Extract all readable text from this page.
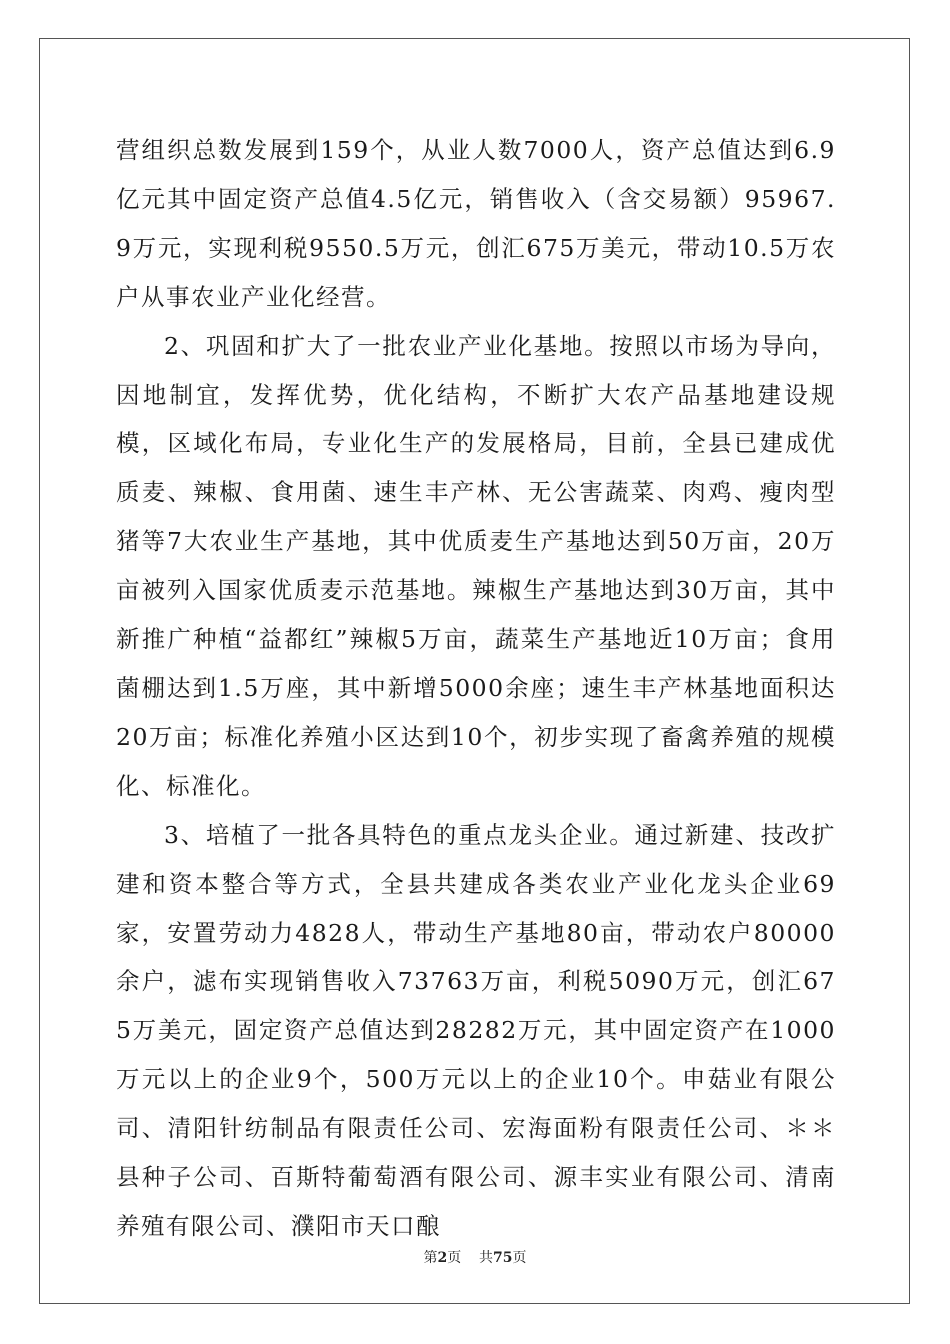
营组织总数发展到159个，从业人数7000人，资产总值达到6.9亿元其中固定资产总值4.5亿元，销售收入（含交易额）95967.9万元，实现利税9550.5万元，创汇675万美元，带动10.5万农户从事农业产业化经营。

2、巩固和扩大了一批农业产业化基地。按照以市场为导向，因地制宜，发挥优势，优化结构，不断扩大农产品基地建设规模，区域化布局，专业化生产的发展格局，目前，全县已建成优质麦、辣椒、食用菌、速生丰产林、无公害蔬菜、肉鸡、瘦肉型猪等7大农业生产基地，其中优质麦生产基地达到50万亩，20万亩被列入国家优质麦示范基地。辣椒生产基地达到30万亩，其中新推广种植“益都红”辣椒5万亩，蔬菜生产基地近10万亩；食用菌棚达到1.5万座，其中新增5000余座；速生丰产林基地面积达20万亩；标准化养殖小区达到10个，初步实现了畜禽养殖的规模化、标准化。

3、培植了一批各具特色的重点龙头企业。通过新建、技改扩建和资本整合等方式，全县共建成各类农业产业化龙头企业69家，安置劳动力4828人，带动生产基地80亩，带动农户80000余户，滤布实现销售收入73763万亩，利税5090万元，创汇675万美元，固定资产总值达到28282万元，其中固定资产在1000万元以上的企业9个，500万元以上的企业10个。申菇业有限公司、清阳针纺制品有限责任公司、宏海面粉有限责任公司、＊＊县种子公司、百斯特葡萄酒有限公司、源丰实业有限公司、清南养殖有限公司、濮阳市天口酿

第2页 共75页
